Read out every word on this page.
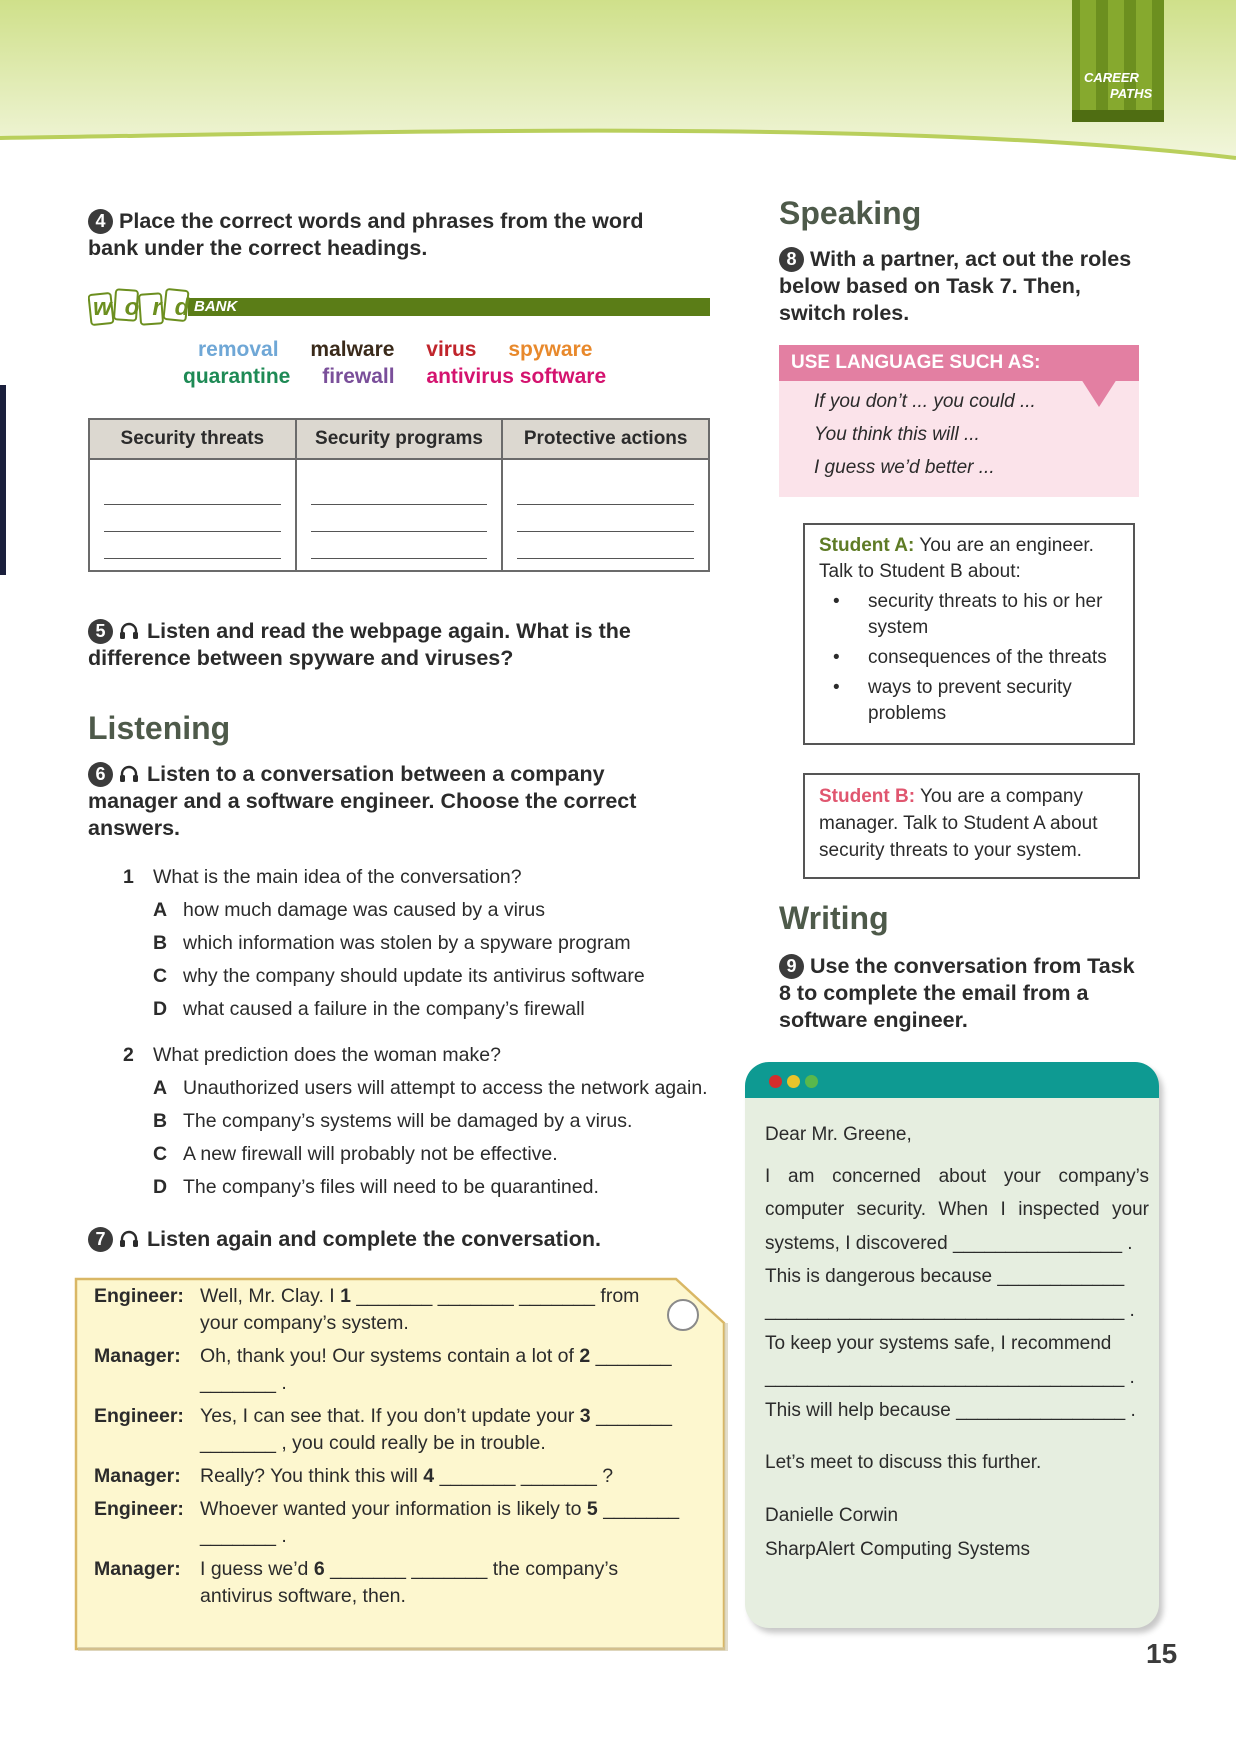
CAREER
PATHS
4 Place the correct words and phrases from the word bank under the correct headings.
word
BANK
removal malware virus spyware
quarantine firewall antivirus software
Security threats	Security programs	Protective actions

5 Listen and read the webpage again. What is the difference between spyware and viruses?
Listening
6 Listen to a conversation between a company manager and a software engineer. Choose the correct answers.
1 What is the main idea of the conversation?
A how much damage was caused by a virus
B which information was stolen by a spyware program
C why the company should update its antivirus software
D what caused a failure in the company’s firewall
2 What prediction does the woman make?
A Unauthorized users will attempt to access the network again.
B The company’s systems will be damaged by a virus.
C A new firewall will probably not be effective.
D The company’s files will need to be quarantined.
7 Listen again and complete the conversation.
Engineer: Well, Mr. Clay. I 1 _______ _______ _______ from your company’s system.
Manager: Oh, thank you! Our systems contain a lot of 2 _______ _______ .
Engineer: Yes, I can see that. If you don’t update your 3 _______ _______ , you could really be in trouble.
Manager: Really? You think this will 4 _______ _______ ?
Engineer: Whoever wanted your information is likely to 5 _______ _______ .
Manager: I guess we’d 6 _______ _______ the company’s antivirus software, then.
Speaking
8 With a partner, act out the roles below based on Task 7. Then, switch roles.
USE LANGUAGE SUCH AS:
If you don’t ... you could ...
You think this will ...
I guess we’d better ...
Student A: You are an engineer. Talk to Student B about:
•	security threats to his or her system
•	consequences of the threats
•	ways to prevent security problems
Student B: You are a company manager. Talk to Student A about security threats to your system.
Writing
9 Use the conversation from Task 8 to complete the email from a software engineer.
Dear Mr. Greene,
I am concerned about your company’s
computer security. When I inspected your
systems, I discovered ________________ .
This is dangerous because ____________
__________________________________ .
To keep your systems safe, I recommend
__________________________________ .
This will help because ________________ .
Let’s meet to discuss this further.
Danielle Corwin
SharpAlert Computing Systems
15
